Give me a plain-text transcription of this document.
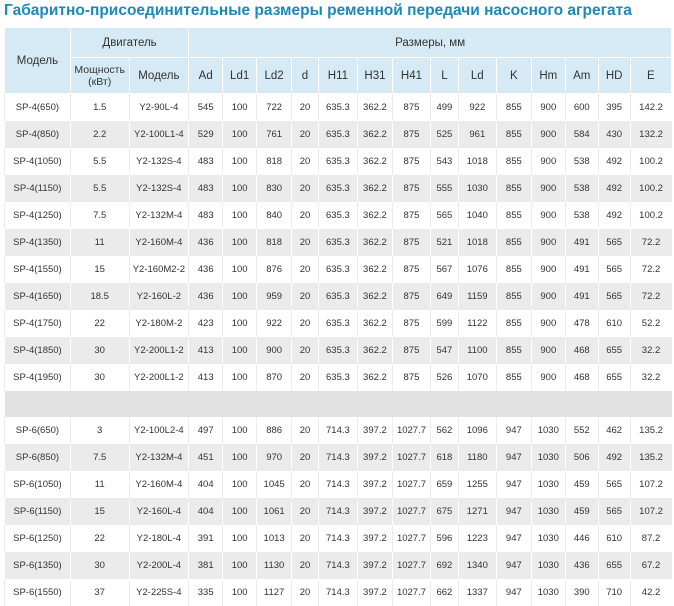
Габаритно-присоединительные размеры ременной передачи насосного агрегата
Модель	Двигатель		Размеры, мм													
	Мощность (кВт)	Модель	Ad	Ld1	Ld2	d	H11	H31	H41	L	Ld	K	Hm	Am	HD	E
SP-4(650)	1.5	Y2-90L-4	545	100	722	20	635.3	362.2	875	499	922	855	900	600	395	142.2
SP-4(850)	2.2	Y2-100L1-4	529	100	761	20	635.3	362.2	875	525	961	855	900	584	430	132.2
SP-4(1050)	5.5	Y2-132S-4	483	100	818	20	635.3	362.2	875	543	1018	855	900	538	492	100.2
SP-4(1150)	5.5	Y2-132S-4	483	100	830	20	635.3	362.2	875	555	1030	855	900	538	492	100.2
SP-4(1250)	7.5	Y2-132M-4	483	100	840	20	635.3	362.2	875	565	1040	855	900	538	492	100.2
SP-4(1350)	11	Y2-160M-4	436	100	818	20	635.3	362.2	875	521	1018	855	900	491	565	72.2
SP-4(1550)	15	Y2-160M2-2	436	100	876	20	635.3	362.2	875	567	1076	855	900	491	565	72.2
SP-4(1650)	18.5	Y2-160L-2	436	100	959	20	635.3	362.2	875	649	1159	855	900	491	565	72.2
SP-4(1750)	22	Y2-180M-2	423	100	922	20	635.3	362.2	875	599	1122	855	900	478	610	52.2
SP-4(1850)	30	Y2-200L1-2	413	100	900	20	635.3	362.2	875	547	1100	855	900	468	655	32.2
SP-4(1950)	30	Y2-200L1-2	413	100	870	20	635.3	362.2	875	526	1070	855	900	468	655	32.2

SP-6(650)	3	Y2-100L2-4	497	100	886	20	714.3	397.2	1027.7	562	1096	947	1030	552	462	135.2
SP-6(850)	7.5	Y2-132M-4	451	100	970	20	714.3	397.2	1027.7	618	1180	947	1030	506	492	135.2
SP-6(1050)	11	Y2-160M-4	404	100	1045	20	714.3	397.2	1027.7	659	1255	947	1030	459	565	107.2
SP-6(1150)	15	Y2-160L-4	404	100	1061	20	714.3	397.2	1027.7	675	1271	947	1030	459	565	107.2
SP-6(1250)	22	Y2-180L-4	391	100	1013	20	714.3	397.2	1027.7	596	1223	947	1030	446	610	87.2
SP-6(1350)	30	Y2-200L-4	381	100	1130	20	714.3	397.2	1027.7	692	1340	947	1030	436	655	67.2
SP-6(1550)	37	Y2-225S-4	335	100	1127	20	714.3	397.2	1027.7	662	1337	947	1030	390	710	42.2
